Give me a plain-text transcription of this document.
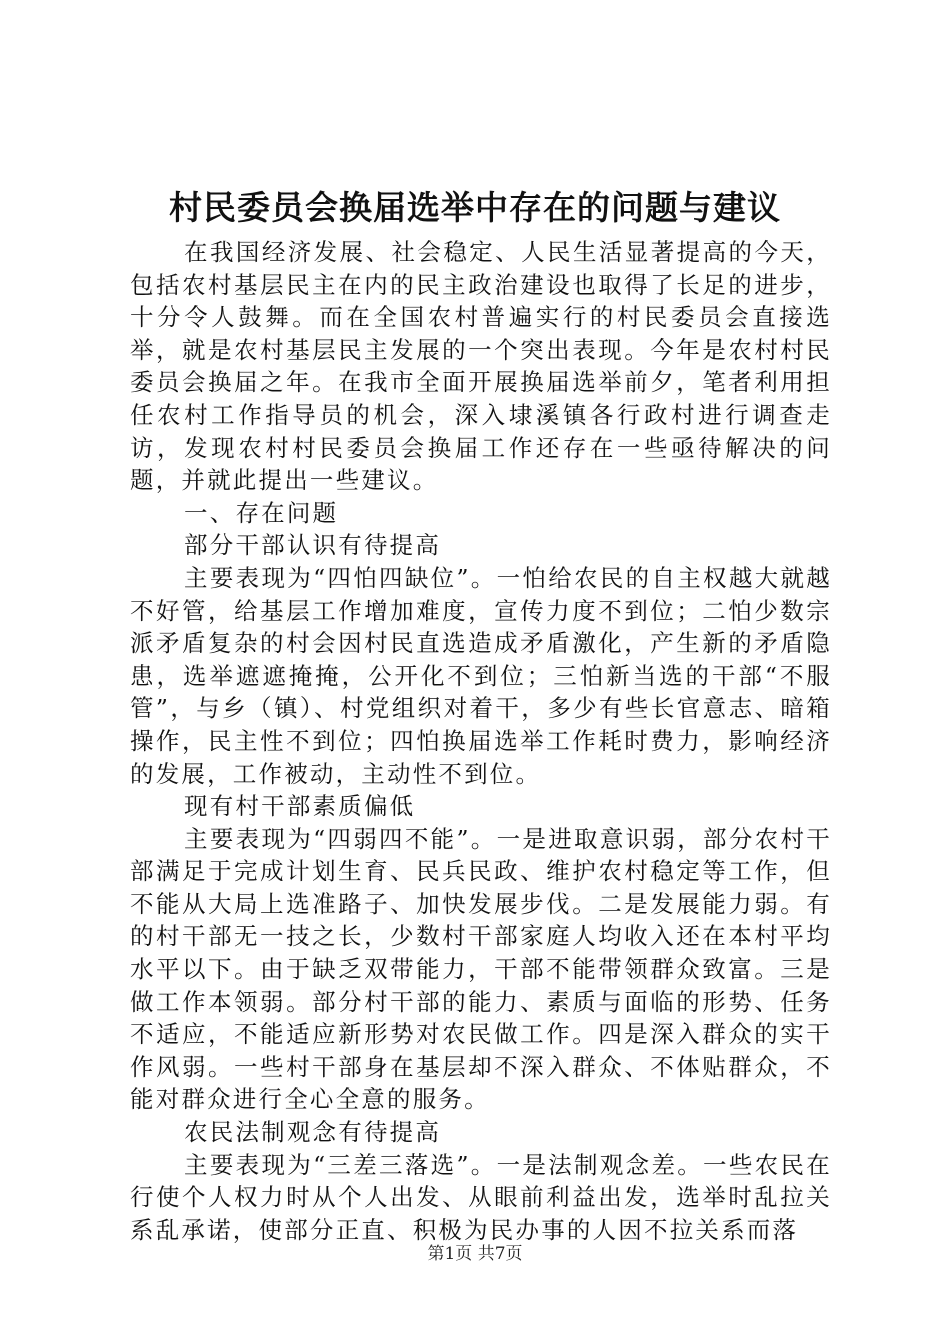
村民委员会换届选举中存在的问题与建议

在我国经济发展、社会稳定、人民生活显著提高的今天，包括农村基层民主在内的民主政治建设也取得了长足的进步，十分令人鼓舞。而在全国农村普遍实行的村民委员会直接选举，就是农村基层民主发展的一个突出表现。今年是农村村民委员会换届之年。在我市全面开展换届选举前夕，笔者利用担任农村工作指导员的机会，深入埭溪镇各行政村进行调查走访，发现农村村民委员会换届工作还存在一些亟待解决的问题，并就此提出一些建议。

一、存在问题

部分干部认识有待提高

主要表现为“四怕四缺位”。一怕给农民的自主权越大就越不好管，给基层工作增加难度，宣传力度不到位；二怕少数宗派矛盾复杂的村会因村民直选造成矛盾激化，产生新的矛盾隐患，选举遮遮掩掩，公开化不到位；三怕新当选的干部“不服管”，与乡（镇）、村党组织对着干，多少有些长官意志、暗箱操作，民主性不到位；四怕换届选举工作耗时费力，影响经济的发展，工作被动，主动性不到位。

现有村干部素质偏低

主要表现为“四弱四不能”。一是进取意识弱，部分农村干部满足于完成计划生育、民兵民政、维护农村稳定等工作，但不能从大局上选准路子、加快发展步伐。二是发展能力弱。有的村干部无一技之长，少数村干部家庭人均收入还在本村平均水平以下。由于缺乏双带能力，干部不能带领群众致富。三是做工作本领弱。部分村干部的能力、素质与面临的形势、任务不适应，不能适应新形势对农民做工作。四是深入群众的实干作风弱。一些村干部身在基层却不深入群众、不体贴群众，不能对群众进行全心全意的服务。

农民法制观念有待提高

主要表现为“三差三落选”。一是法制观念差。一些农民在行使个人权力时从个人出发、从眼前利益出发，选举时乱拉关系乱承诺，使部分正直、积极为民办事的人因不拉关系而落

第1页 共7页
